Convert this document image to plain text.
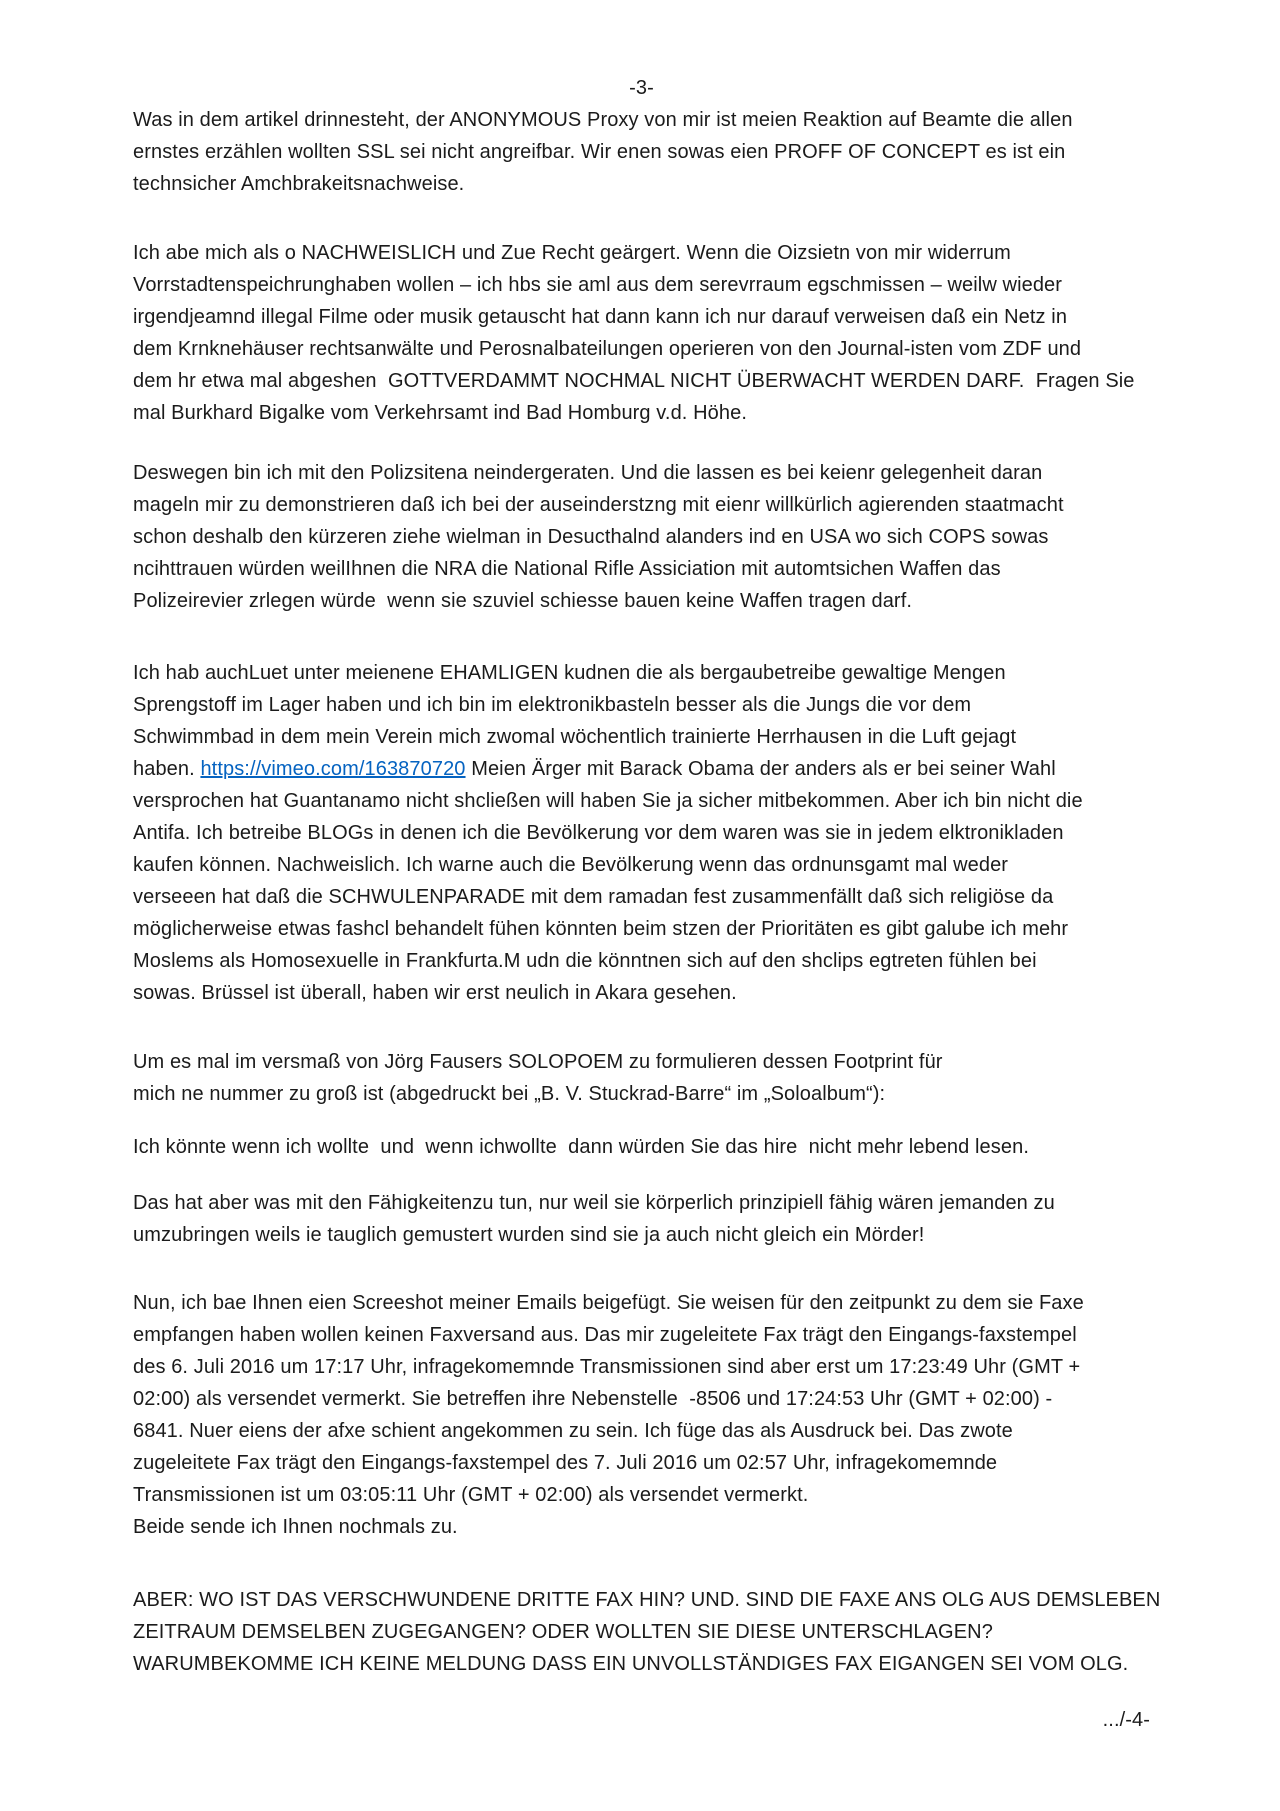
-3-
Was in dem artikel drinnesteht, der ANONYMOUS Proxy von mir ist meien Reaktion auf Beamte die allen
ernstes erzählen wollten SSL sei nicht angreifbar. Wir enen sowas eien PROFF OF CONCEPT es ist ein
technsicher Amchbrakeitsnachweise.
Ich abe mich als o NACHWEISLICH und Zue Recht geärgert. Wenn die Oizsietn von mir widerrum
Vorrstadtenspeichrunghaben wollen – ich hbs sie aml aus dem serevrraum egschmissen – weilw wieder
irgendjeamnd illegal Filme oder musik getauscht hat dann kann ich nur darauf verweisen daß ein Netz in
dem Krnknehäuser rechtsanwälte und Perosnalbateilungen operieren von den Journal-isten vom ZDF und
dem hr etwa mal abgeshen  GOTTVERDAMMT NOCHMAL NICHT ÜBERWACHT WERDEN DARF.  Fragen Sie
mal Burkhard Bigalke vom Verkehrsamt ind Bad Homburg v.d. Höhe.
Deswegen bin ich mit den Polizsitena neindergeraten. Und die lassen es bei keienr gelegenheit daran
mageln mir zu demonstrieren daß ich bei der auseinderstzng mit eienr willkürlich agierenden staatmacht
schon deshalb den kürzeren ziehe wielman in Desucthalnd alanders ind en USA wo sich COPS sowas
ncihttrauen würden weilIhnen die NRA die National Rifle Assiciation mit automtsichen Waffen das
Polizeirevier zrlegen würde  wenn sie szuviel schiesse bauen keine Waffen tragen darf.
Ich hab auchLuet unter meienene EHAMLIGEN kudnen die als bergaubetreibe gewaltige Mengen
Sprengstoff im Lager haben und ich bin im elektronikbasteln besser als die Jungs die vor dem
Schwimmbad in dem mein Verein mich zwomal wöchentlich trainierte Herrhausen in die Luft gejagt
haben. https://vimeo.com/163870720 Meien Ärger mit Barack Obama der anders als er bei seiner Wahl
versprochen hat Guantanamo nicht shcließen will haben Sie ja sicher mitbekommen. Aber ich bin nicht die
Antifa. Ich betreibe BLOGs in denen ich die Bevölkerung vor dem waren was sie in jedem elktronikladen
kaufen können. Nachweislich. Ich warne auch die Bevölkerung wenn das ordnunsgamt mal weder
verseeen hat daß die SCHWULENPARADE mit dem ramadan fest zusammenfällt daß sich religiöse da
möglicherweise etwas fashcl behandelt fühen könnten beim stzen der Prioritäten es gibt galube ich mehr
Moslems als Homosexuelle in Frankfurta.M udn die könntnen sich auf den shclips egtreten fühlen bei
sowas. Brüssel ist überall, haben wir erst neulich in Akara gesehen.
Um es mal im versmaß von Jörg Fausers SOLOPOEM zu formulieren dessen Footprint für
mich ne nummer zu groß ist (abgedruckt bei „B. V. Stuckrad-Barre“ im „Soloalbum“):
Ich könnte wenn ich wollte  und  wenn ichwollte  dann würden Sie das hire  nicht mehr lebend lesen.
Das hat aber was mit den Fähigkeitenzu tun, nur weil sie körperlich prinzipiell fähig wären jemanden zu
umzubringen weils ie tauglich gemustert wurden sind sie ja auch nicht gleich ein Mörder!
Nun, ich bae Ihnen eien Screeshot meiner Emails beigefügt. Sie weisen für den zeitpunkt zu dem sie Faxe
empfangen haben wollen keinen Faxversand aus. Das mir zugeleitete Fax trägt den Eingangs-faxstempel
des 6. Juli 2016 um 17:17 Uhr, infragekomemnde Transmissionen sind aber erst um 17:23:49 Uhr (GMT +
02:00) als versendet vermerkt. Sie betreffen ihre Nebenstelle  -8506 und 17:24:53 Uhr (GMT + 02:00) -
6841. Nuer eiens der afxe schient angekommen zu sein. Ich füge das als Ausdruck bei. Das zwote
zugeleitete Fax trägt den Eingangs-faxstempel des 7. Juli 2016 um 02:57 Uhr, infragekomemnde
Transmissionen ist um 03:05:11 Uhr (GMT + 02:00) als versendet vermerkt.
Beide sende ich Ihnen nochmals zu.
ABER: WO IST DAS VERSCHWUNDENE DRITTE FAX HIN? UND. SIND DIE FAXE ANS OLG AUS DEMSLEBEN
ZEITRAUM DEMSELBEN ZUGEGANGEN? ODER WOLLTEN SIE DIESE UNTERSCHLAGEN?
WARUMBEKOMME ICH KEINE MELDUNG DASS EIN UNVOLLSTÄNDIGES FAX EIGANGEN SEI VOM OLG.
.../-4-
